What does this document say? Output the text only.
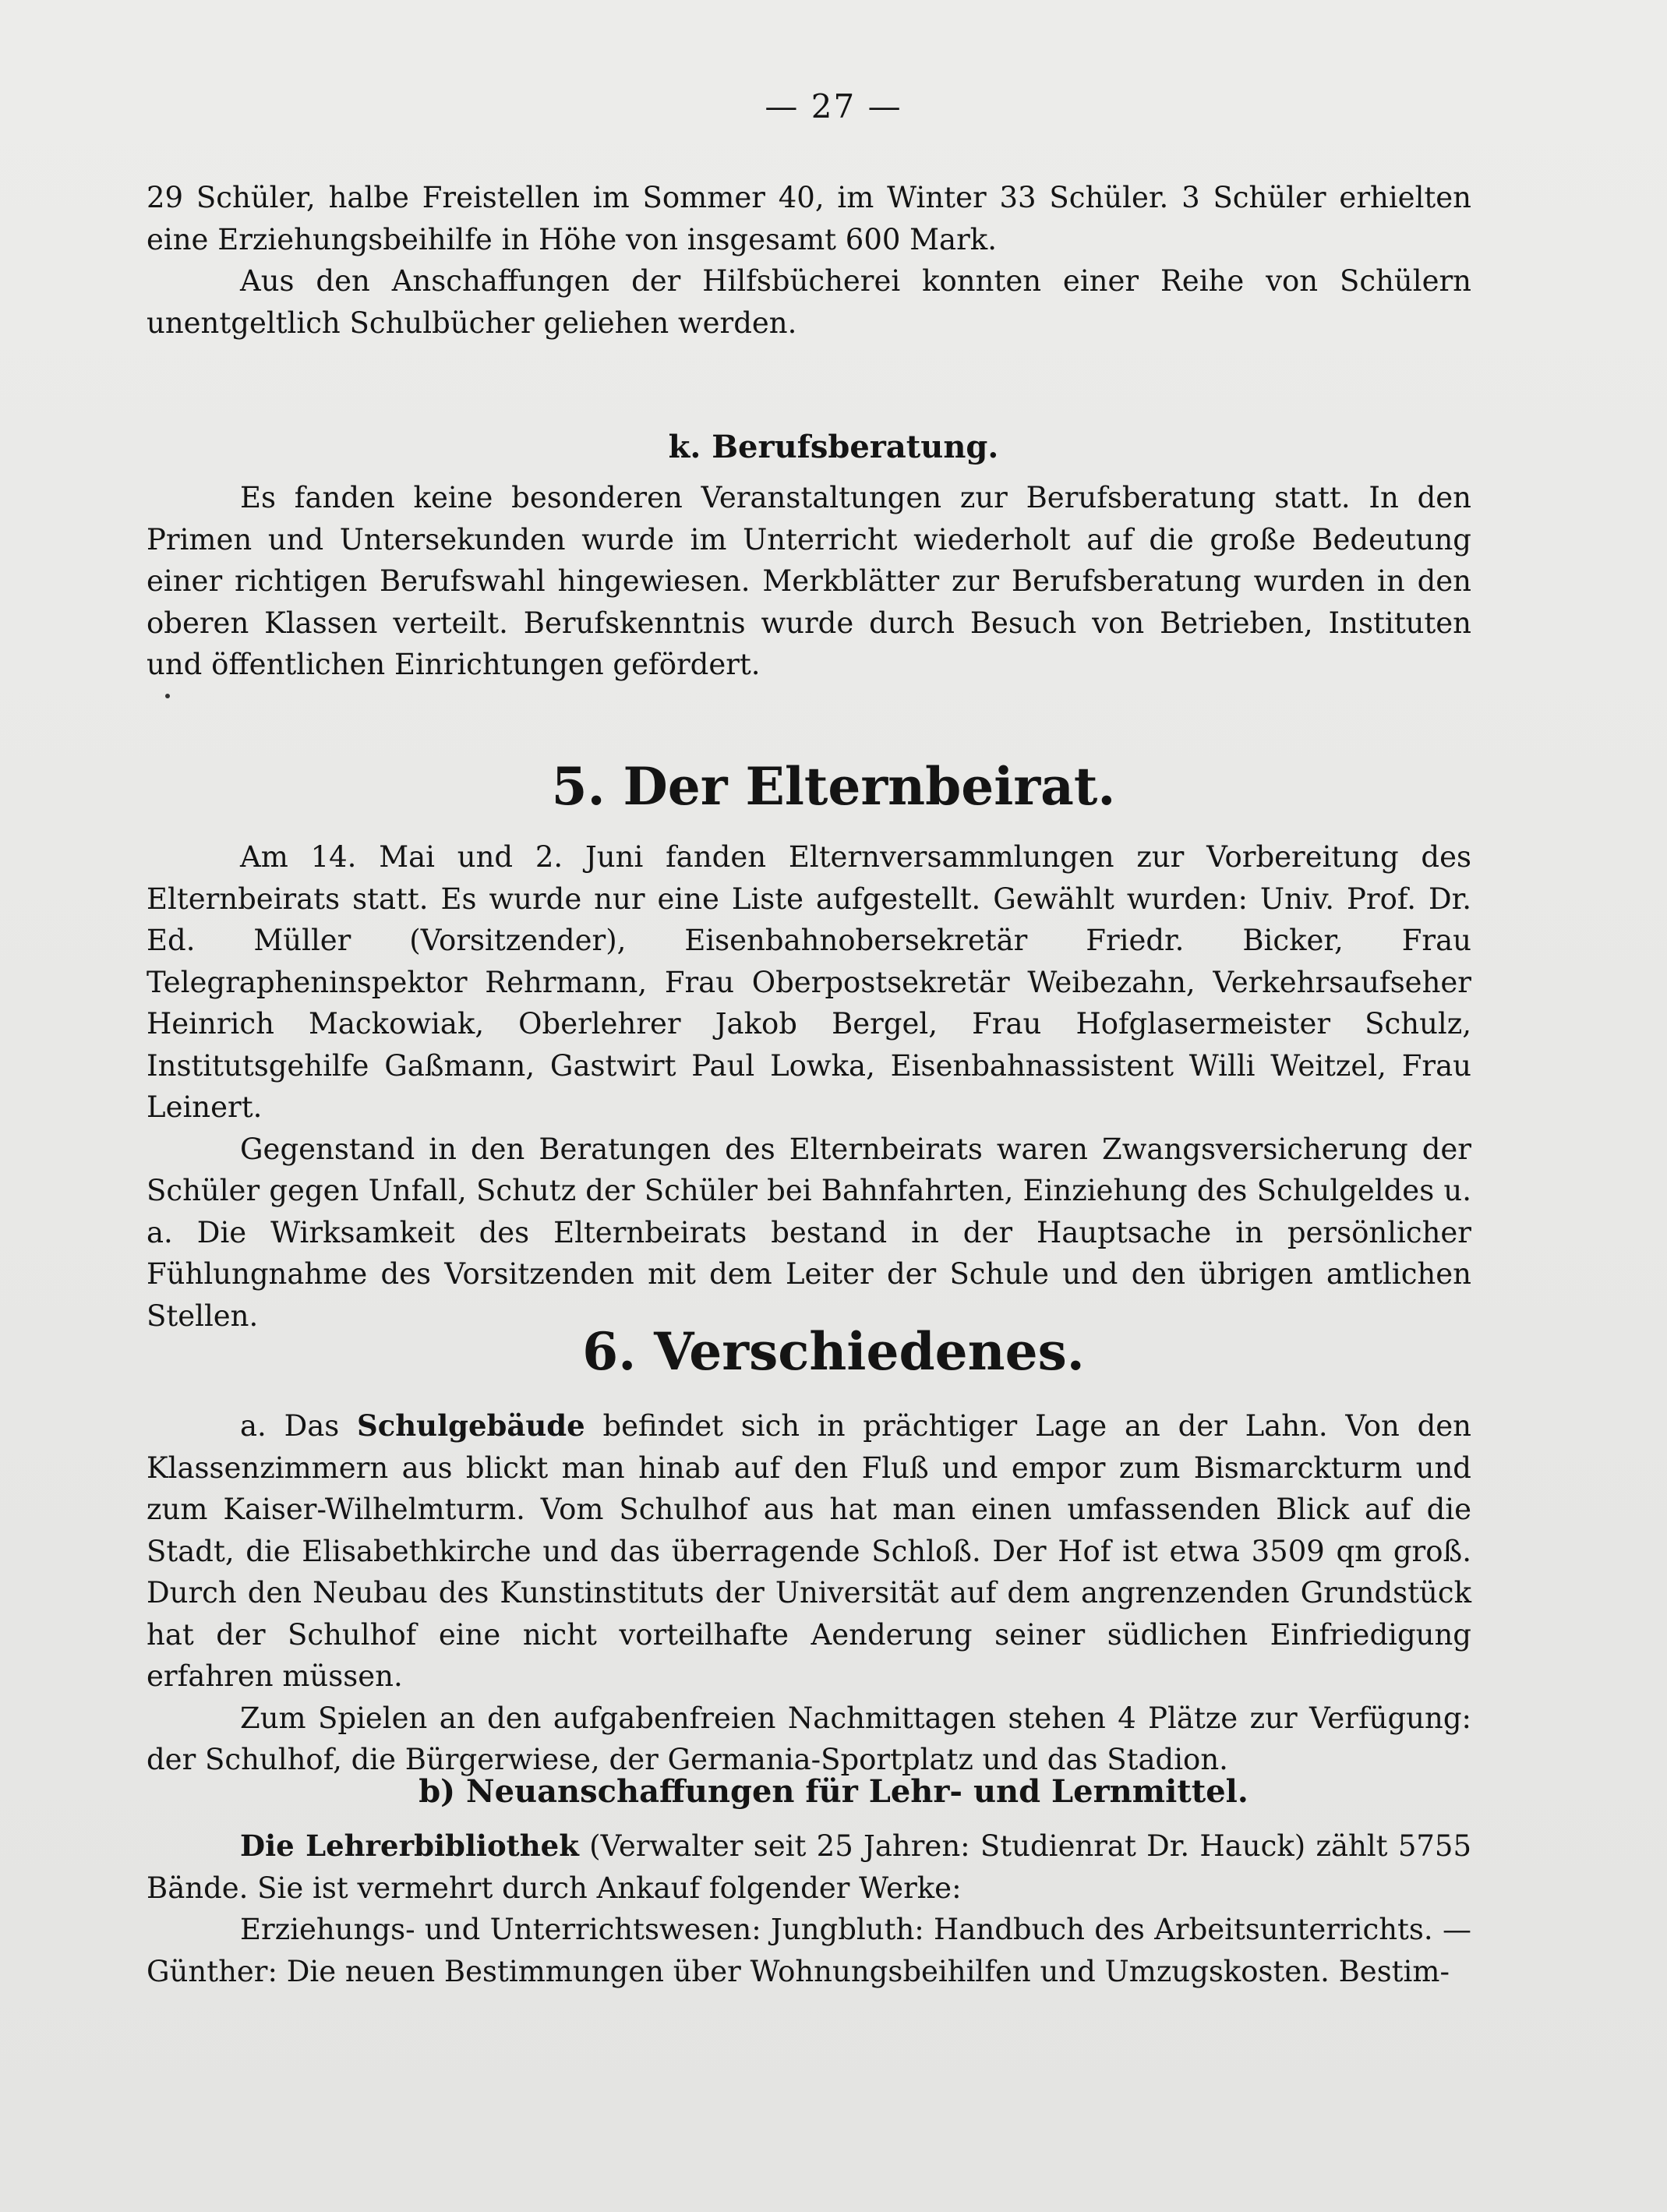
— 27 —

29 Schüler, halbe Freistellen im Sommer 40, im Winter 33 Schüler. 3 Schüler erhielten eine Erziehungsbeihilfe in Höhe von insgesamt 600 Mark.

Aus den Anschaffungen der Hilfsbücherei konnten einer Reihe von Schülern unentgeltlich Schulbücher geliehen werden.

k. Berufsberatung.

Es fanden keine besonderen Veranstaltungen zur Berufsberatung statt. In den Primen und Untersekunden wurde im Unterricht wiederholt auf die große Bedeutung einer richtigen Berufswahl hingewiesen. Merkblätter zur Berufsberatung wurden in den oberen Klassen verteilt. Berufskenntnis wurde durch Besuch von Betrieben, Instituten und öffentlichen Einrichtungen gefördert.

5. Der Elternbeirat.

Am 14. Mai und 2. Juni fanden Elternversammlungen zur Vorbereitung des Elternbeirats statt. Es wurde nur eine Liste aufgestellt. Gewählt wurden: Univ. Prof. Dr. Ed. Müller (Vorsitzender), Eisenbahnobersekretär Friedr. Bicker, Frau Telegrapheninspektor Rehrmann, Frau Oberpostsekretär Weibezahn, Verkehrsaufseher Heinrich Mackowiak, Oberlehrer Jakob Bergel, Frau Hofglasermeister Schulz, Institutsgehilfe Gaßmann, Gastwirt Paul Lowka, Eisenbahnassistent Willi Weitzel, Frau Leinert.

Gegenstand in den Beratungen des Elternbeirats waren Zwangsversicherung der Schüler gegen Unfall, Schutz der Schüler bei Bahnfahrten, Einziehung des Schulgeldes u. a. Die Wirksamkeit des Elternbeirats bestand in der Hauptsache in persönlicher Fühlungnahme des Vorsitzenden mit dem Leiter der Schule und den übrigen amtlichen Stellen.

6. Verschiedenes.

a. Das Schulgebäude befindet sich in prächtiger Lage an der Lahn. Von den Klassenzimmern aus blickt man hinab auf den Fluß und empor zum Bismarckturm und zum Kaiser-Wilhelmturm. Vom Schulhof aus hat man einen umfassenden Blick auf die Stadt, die Elisabethkirche und das überragende Schloß. Der Hof ist etwa 3509 qm groß. Durch den Neubau des Kunstinstituts der Universität auf dem angrenzenden Grundstück hat der Schulhof eine nicht vorteilhafte Aenderung seiner südlichen Einfriedigung erfahren müssen.

Zum Spielen an den aufgabenfreien Nachmittagen stehen 4 Plätze zur Verfügung: der Schulhof, die Bürgerwiese, der Germania-Sportplatz und das Stadion.

b) Neuanschaffungen für Lehr- und Lernmittel.

Die Lehrerbibliothek (Verwalter seit 25 Jahren: Studienrat Dr. Hauck) zählt 5755 Bände. Sie ist vermehrt durch Ankauf folgender Werke:

Erziehungs- und Unterrichtswesen: Jungbluth: Handbuch des Arbeitsunterrichts. — Günther: Die neuen Bestimmungen über Wohnungsbeihilfen und Umzugskosten. Bestim-
